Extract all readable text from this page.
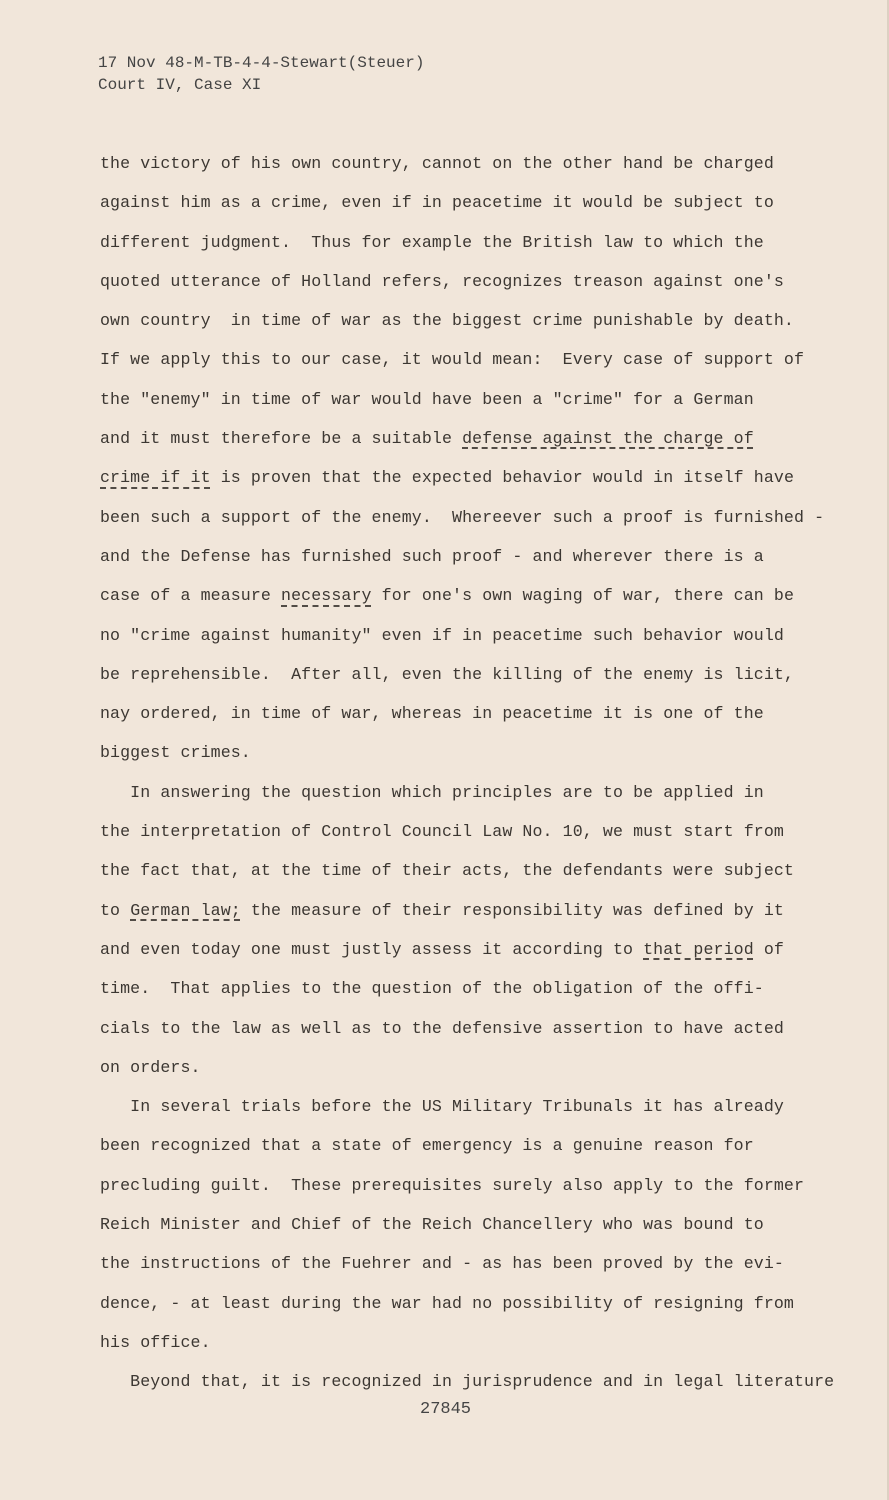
17 Nov 48-M-TB-4-4-Stewart(Steuer)
Court IV, Case XI
the victory of his own country, cannot on the other hand be charged
against him as a crime, even if in peacetime it would be subject to
different judgment.  Thus for example the British law to which the
quoted utterance of Holland refers, recognizes treason against one's
own country  in time of war as the biggest crime punishable by death.
If we apply this to our case, it would mean:  Every case of support of
the "enemy" in time of war would have been a "crime" for a German
and it must therefore be a suitable defense against the charge of
crime if it is proven that the expected behavior would in itself have
been such a support of the enemy.  Whereever such a proof is furnished -
and the Defense has furnished such proof - and wherever there is a
case of a measure necessary for one's own waging of war, there can be
no "crime against humanity" even if in peacetime such behavior would
be reprehensible.  After all, even the killing of the enemy is licit,
nay ordered, in time of war, whereas in peacetime it is one of the
biggest crimes.
In answering the question which principles are to be applied in
the interpretation of Control Council Law No. 10, we must start from
the fact that, at the time of their acts, the defendants were subject
to German law; the measure of their responsibility was defined by it
and even today one must justly assess it according to that period of
time.  That applies to the question of the obligation of the offi-
cials to the law as well as to the defensive assertion to have acted
on orders.
In several trials before the US Military Tribunals it has already
been recognized that a state of emergency is a genuine reason for
precluding guilt.  These prerequisites surely also apply to the former
Reich Minister and Chief of the Reich Chancellery who was bound to
the instructions of the Fuehrer and - as has been proved by the evi-
dence, - at least during the war had no possibility of resigning from
his office.
Beyond that, it is recognized in jurisprudence and in legal literature
27845
